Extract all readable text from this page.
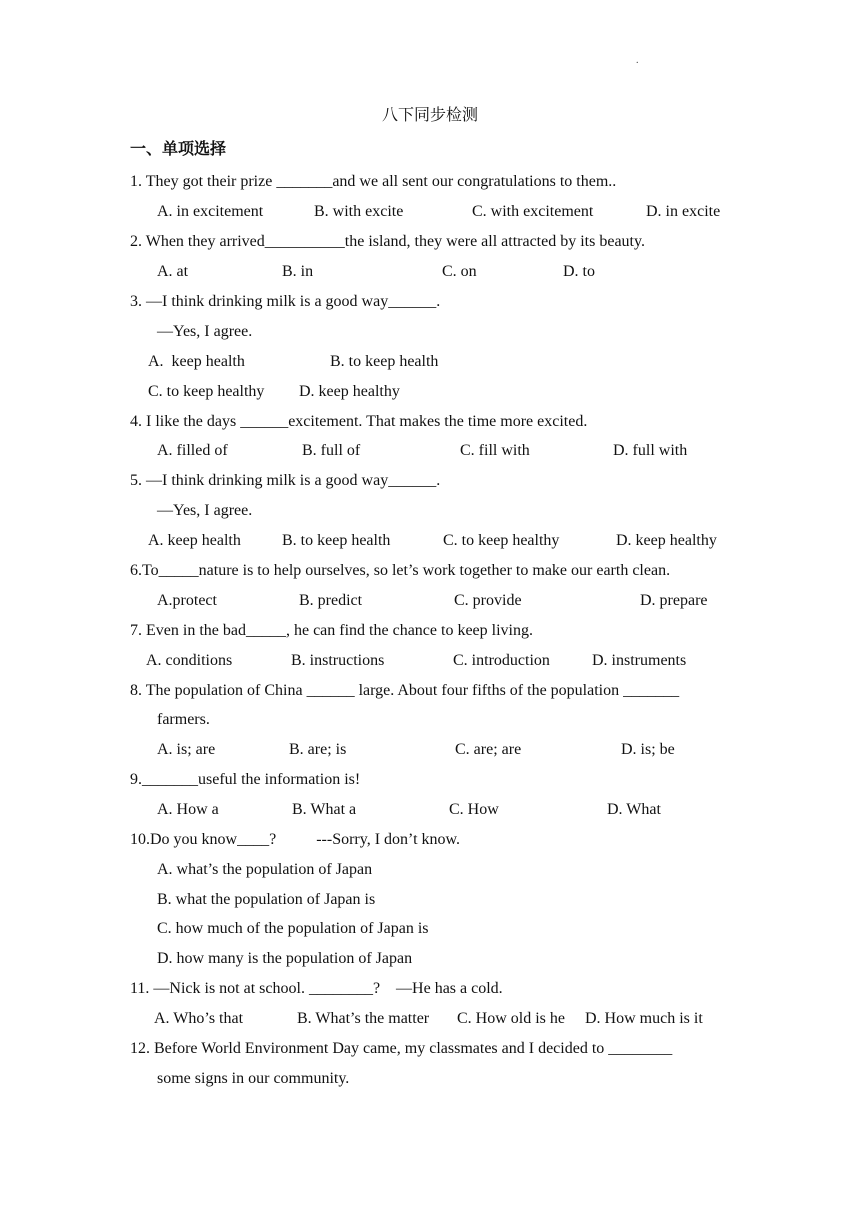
.
八下同步检测
一、单项选择
1. They got their prize _______and we all sent our congratulations to them..
A. in excitement	B. with excite	C. with excitement	D. in excite
2. When they arrived__________the island, they were all attracted by its beauty.
A. at	B. in	C. on	D. to
3. —I think drinking milk is a good way______.
—Yes, I agree.
A.  keep health	B. to keep health
C. to keep healthy D. keep healthy
4. I like the days ______excitement. That makes the time more excited.
A. filled of	B. full of	C. fill with	D. full with
5. —I think drinking milk is a good way______.
—Yes, I agree.
A. keep health	B. to keep health	C. to keep healthy	D. keep healthy
6.To_____nature is to help ourselves, so let’s work together to make our earth clean.
A.protect	B. predict	C. provide	D. prepare
7. Even in the bad_____, he can find the chance to keep living.
A. conditions	B. instructions	C. introduction	D. instruments
8. The population of China ______ large. About four fifths of the population _______
farmers.
A. is; are	B. are; is	C. are; are	D. is; be
9._______useful the information is!
A. How a	B. What a	C. How	D. What
10.Do you know____?          ---Sorry, I don’t know.
A. what’s the population of Japan
B. what the population of Japan is
C. how much of the population of Japan is
D. how many is the population of Japan
11. —Nick is not at school. ________?    —He has a cold.
A. Who’s that	B. What’s the matter C. How old is he D. How much is it
12. Before World Environment Day came, my classmates and I decided to ________
some signs in our community.
